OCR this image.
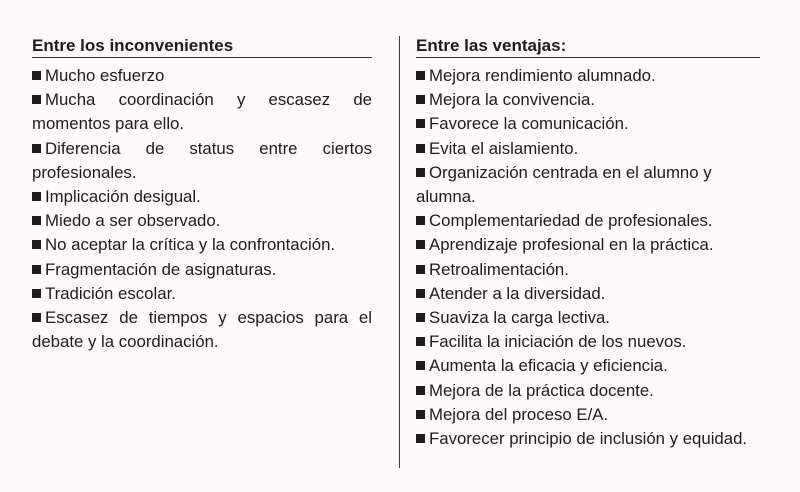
Entre los inconvenientes
Mucho esfuerzo
Mucha coordinación y escasez de momentos para ello.
Diferencia de status entre ciertos profesionales.
Implicación desigual.
Miedo a ser observado.
No aceptar la crítica y la confrontación.
Fragmentación de asignaturas.
Tradición escolar.
Escasez de tiempos y espacios para el debate y la coordinación.
Entre las ventajas:
Mejora rendimiento alumnado.
Mejora la convivencia.
Favorece la comunicación.
Evita el aislamiento.
Organización centrada en el alumno y alumna.
Complementariedad de profesionales.
Aprendizaje profesional en la práctica.
Retroalimentación.
Atender a la diversidad.
Suaviza la carga lectiva.
Facilita la iniciación de los nuevos.
Aumenta la eficacia y eficiencia.
Mejora de la práctica docente.
Mejora del proceso E/A.
Favorecer principio de inclusión y equidad.
